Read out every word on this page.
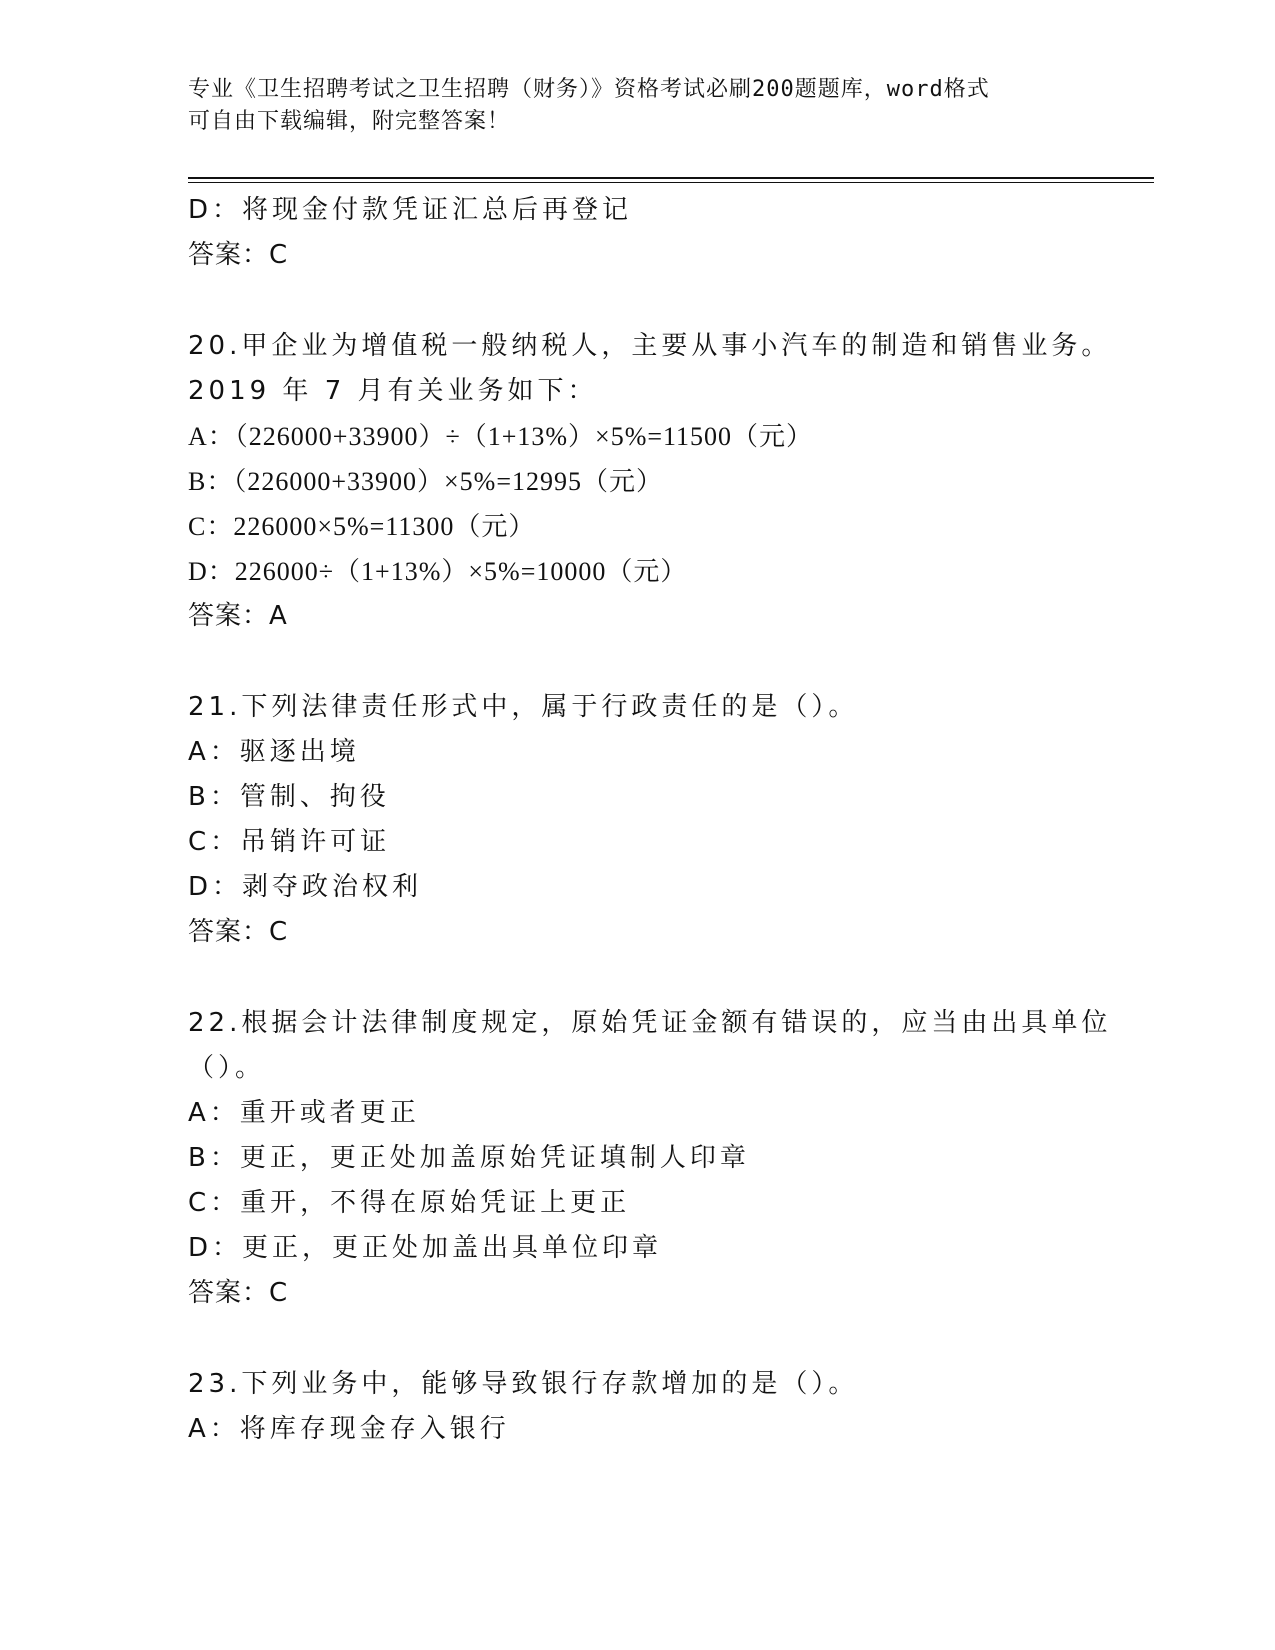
专业《卫生招聘考试之卫生招聘（财务）》资格考试必刷200题题库，word格式
可自由下载编辑，附完整答案！
D：将现金付款凭证汇总后再登记
答案：C
20.甲企业为增值税一般纳税人，主要从事小汽车的制造和销售业务。
2019 年 7 月有关业务如下：
A：（226000+33900）÷（1+13%）×5%=11500（元）
B：（226000+33900）×5%=12995（元）
C：226000×5%=11300（元）
D：226000÷（1+13%）×5%=10000（元）
答案：A
21.下列法律责任形式中，属于行政责任的是（）。
A：驱逐出境
B：管制、拘役
C：吊销许可证
D：剥夺政治权利
答案：C
22.根据会计法律制度规定，原始凭证金额有错误的，应当由出具单位
（）。
A：重开或者更正
B：更正，更正处加盖原始凭证填制人印章
C：重开，不得在原始凭证上更正
D：更正，更正处加盖出具单位印章
答案：C
23.下列业务中，能够导致银行存款增加的是（）。
A：将库存现金存入银行
